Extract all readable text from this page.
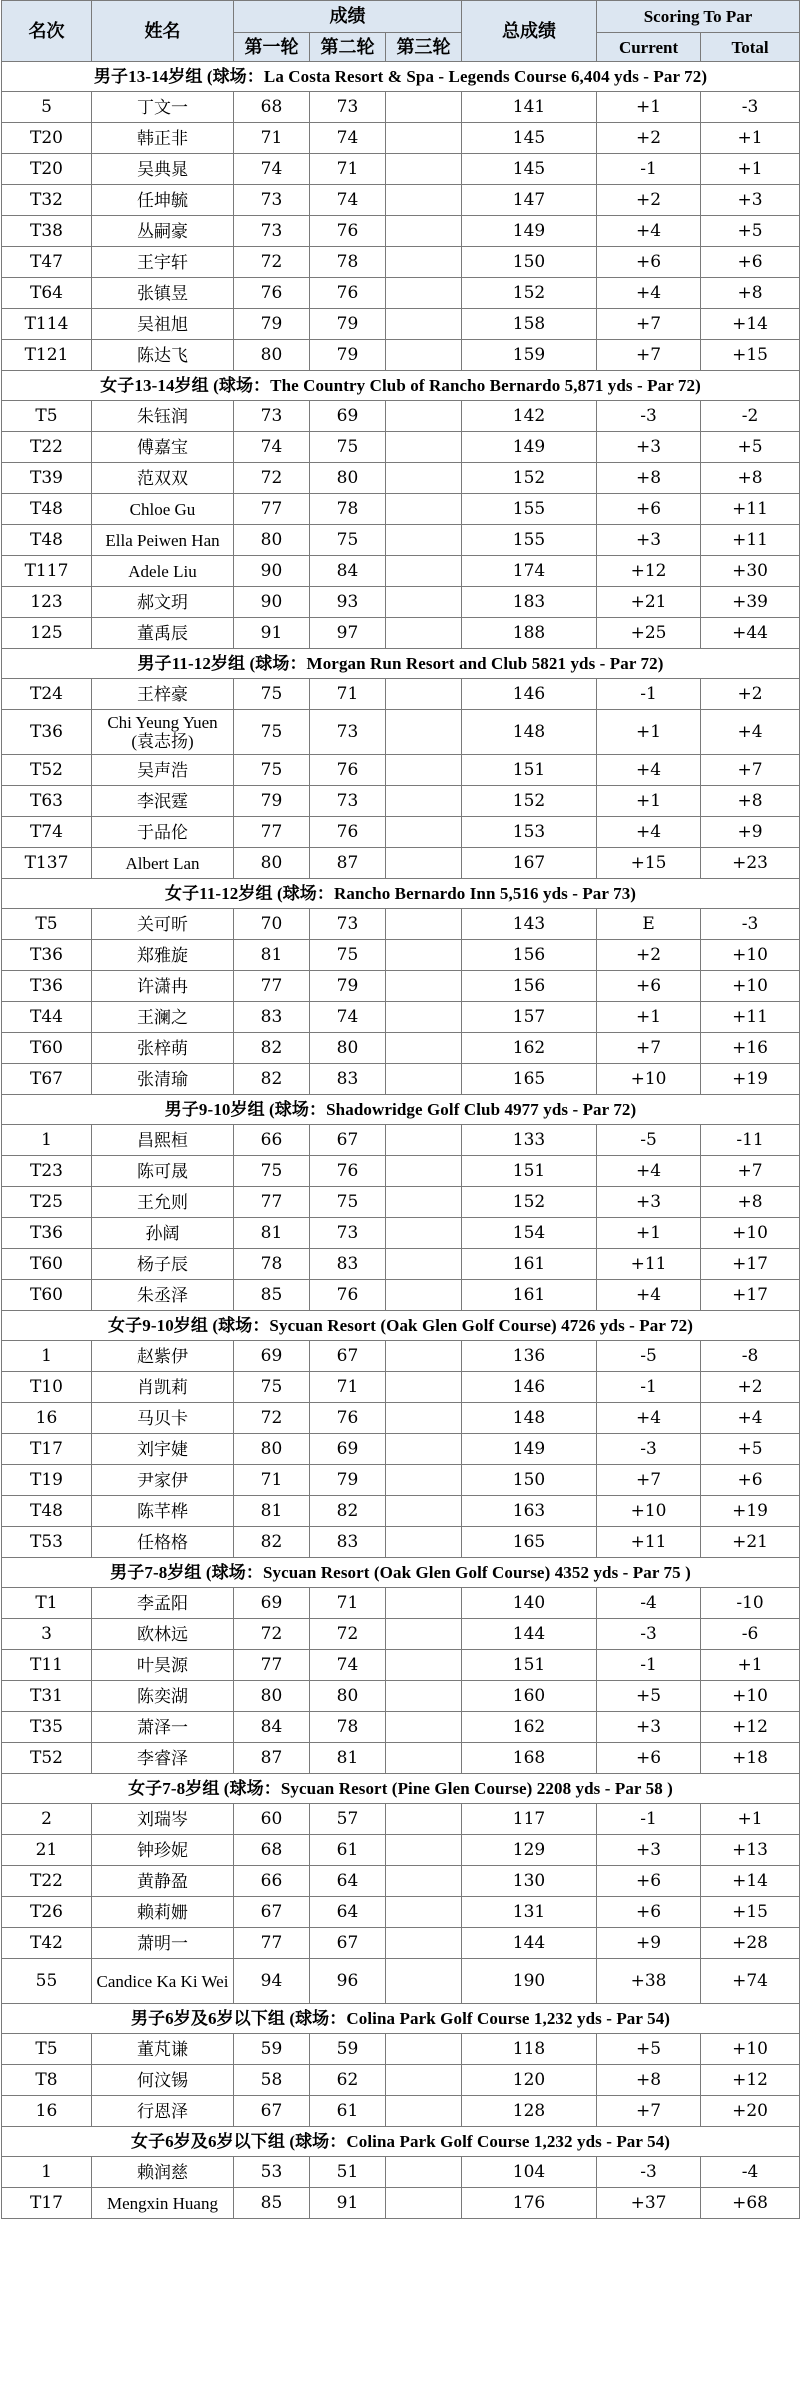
名次	姓名	成绩			总成绩	Scoring To Par	
		第一轮	第二轮	第三轮		Current	Total
男子13-14岁组 (球场：La Costa Resort & Spa - Legends Course 6,404 yds - Par 72)							
5	丁文一	68	73		141	+1	-3
T20	韩正非	71	74		145	+2	+1
T20	吴典晁	74	71		145	-1	+1
T32	任坤毓	73	74		147	+2	+3
T38	丛嗣豪	73	76		149	+4	+5
T47	王宇轩	72	78		150	+6	+6
T64	张镇昱	76	76		152	+4	+8
T114	吴祖旭	79	79		158	+7	+14
T121	陈达飞	80	79		159	+7	+15
女子13-14岁组 (球场：The Country Club of Rancho Bernardo 5,871 yds - Par 72)							
T5	朱钰润	73	69		142	-3	-2
T22	傅嘉宝	74	75		149	+3	+5
T39	范双双	72	80		152	+8	+8
T48	Chloe Gu	77	78		155	+6	+11
T48	Ella Peiwen Han	80	75		155	+3	+11
T117	Adele Liu	90	84		174	+12	+30
123	郝文玥	90	93		183	+21	+39
125	董禹辰	91	97		188	+25	+44
男子11-12岁组 (球场：Morgan Run Resort and Club 5821 yds - Par 72)							
T24	王梓豪	75	71		146	-1	+2
T36	Chi Yeung Yuen (袁志扬)	75	73		148	+1	+4
T52	吴声浩	75	76		151	+4	+7
T63	李泯霆	79	73		152	+1	+8
T74	于品伦	77	76		153	+4	+9
T137	Albert Lan	80	87		167	+15	+23
女子11-12岁组 (球场：Rancho Bernardo Inn 5,516 yds - Par 73)							
T5	关可昕	70	73		143	E	-3
T36	郑雅旋	81	75		156	+2	+10
T36	许潇冉	77	79		156	+6	+10
T44	王澜之	83	74		157	+1	+11
T60	张梓萌	82	80		162	+7	+16
T67	张清瑜	82	83		165	+10	+19
男子9-10岁组 (球场：Shadowridge Golf Club 4977 yds - Par 72)							
1	昌熙桓	66	67		133	-5	-11
T23	陈可晟	75	76		151	+4	+7
T25	王允则	77	75		152	+3	+8
T36	孙阔	81	73		154	+1	+10
T60	杨子辰	78	83		161	+11	+17
T60	朱丞泽	85	76		161	+4	+17
女子9-10岁组 (球场：Sycuan Resort (Oak Glen Golf Course) 4726 yds - Par 72)							
1	赵紫伊	69	67		136	-5	-8
T10	肖凯莉	75	71		146	-1	+2
16	马贝卡	72	76		148	+4	+4
T17	刘宇婕	80	69		149	-3	+5
T19	尹家伊	71	79		150	+7	+6
T48	陈芊桦	81	82		163	+10	+19
T53	任格格	82	83		165	+11	+21
男子7-8岁组 (球场：Sycuan Resort (Oak Glen Golf Course) 4352 yds - Par 75 )							
T1	李孟阳	69	71		140	-4	-10
3	欧林远	72	72		144	-3	-6
T11	叶昊源	77	74		151	-1	+1
T31	陈奕湖	80	80		160	+5	+10
T35	萧泽一	84	78		162	+3	+12
T52	李睿泽	87	81		168	+6	+18
女子7-8岁组 (球场：Sycuan Resort (Pine Glen Course) 2208 yds - Par 58 )							
2	刘瑞岑	60	57		117	-1	+1
21	钟珍妮	68	61		129	+3	+13
T22	黄静盈	66	64		130	+6	+14
T26	赖莉姗	67	64		131	+6	+15
T42	萧明一	77	67		144	+9	+28
55	Candice Ka Ki Wei	94	96		190	+38	+74
男子6岁及6岁以下组 (球场：Colina Park Golf Course 1,232 yds - Par 54)							
T5	董芃谦	59	59		118	+5	+10
T8	何汶锡	58	62		120	+8	+12
16	行恩泽	67	61		128	+7	+20
女子6岁及6岁以下组 (球场：Colina Park Golf Course 1,232 yds - Par 54)							
1	赖润慈	53	51		104	-3	-4
T17	Mengxin Huang	85	91		176	+37	+68
